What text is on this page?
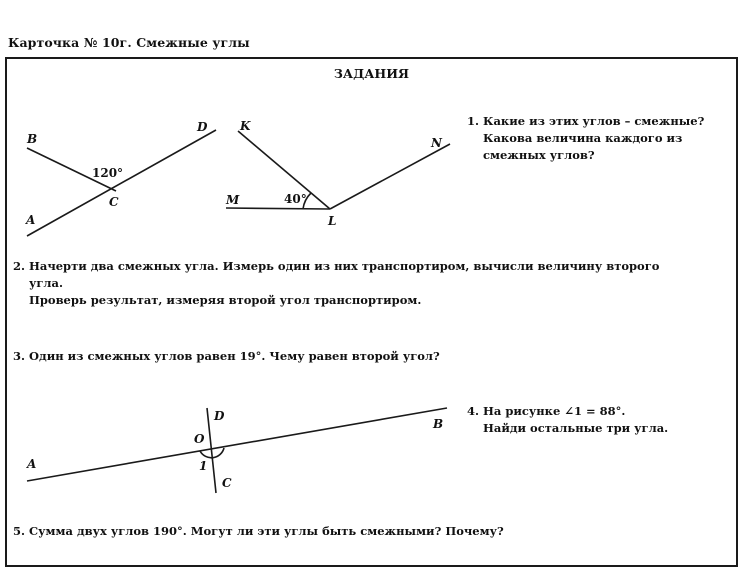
Карточка № 10г. Смежные углы
ЗАДАНИЯ
1. Какие из этих углов – смежные?
Какова величина каждого из
смежных углов?
2. Начерти два смежных угла. Измерь один из них транспортиром, вычисли величину второго
угла.
Проверь результат, измеряя второй угол транспортиром.
3. Один из смежных углов равен 19°. Чему равен второй угол?
4. На рисунке ∠1 = 88°.
Найди остальные три угла.
5. Сумма двух углов 190°. Могут ли эти углы быть смежными? Почему?
B
D
A
C
120°
K
N
M
L
40°
D
B
O
A
C
1
